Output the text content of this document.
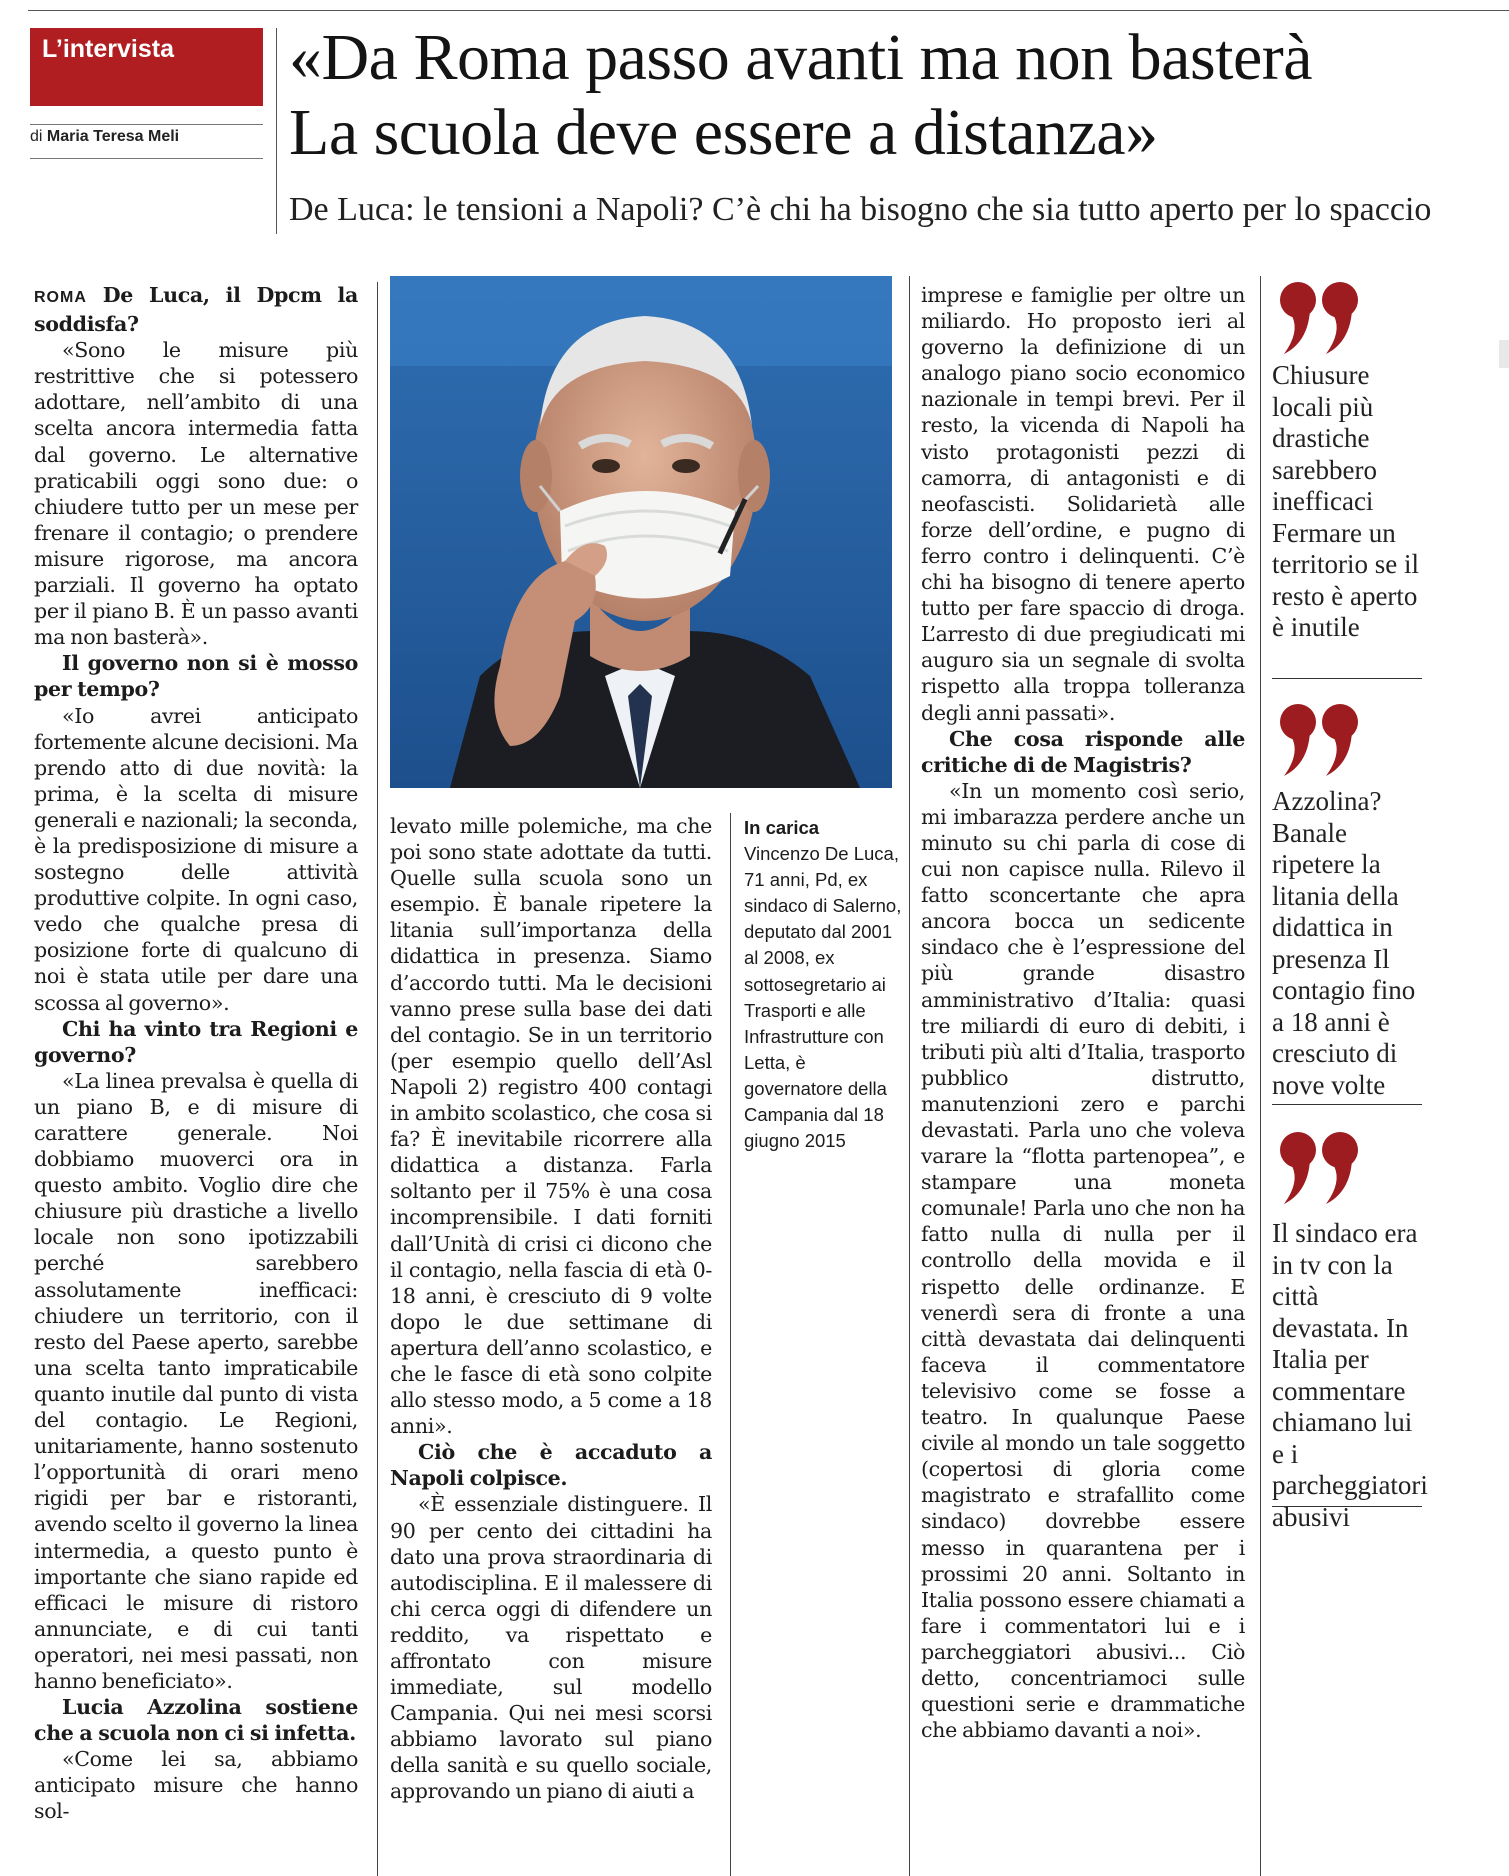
L’intervista
di Maria Teresa Meli
«Da Roma passo avanti ma non basterà
La scuola deve essere a distanza»
De Luca: le tensioni a Napoli? C’è chi ha bisogno che sia tutto aperto per lo spaccio

ROMA De Luca, il Dpcm la soddisfa?

«Sono le misure più restrittive che si potessero adottare, nell’ambito di una scelta ancora intermedia fatta dal governo. Le alternative praticabili oggi sono due: o chiudere tutto per un mese per frenare il contagio; o prendere misure rigorose, ma ancora parziali. Il governo ha optato per il piano B. È un passo avanti ma non basterà».

Il governo non si è mosso per tempo?

«Io avrei anticipato fortemente alcune decisioni. Ma prendo atto di due novità: la prima, è la scelta di misure generali e nazionali; la seconda, è la predisposizione di misure a sostegno delle attività produttive colpite. In ogni caso, vedo che qualche presa di posizione forte di qualcuno di noi è stata utile per dare una scossa al governo».

Chi ha vinto tra Regioni e governo?

«La linea prevalsa è quella di un piano B, e di misure di carattere generale. Noi dobbiamo muoverci ora in questo ambito. Voglio dire che chiusure più drastiche a livello locale non sono ipotizzabili perché sarebbero assolutamente inefficaci: chiudere un territorio, con il resto del Paese aperto, sarebbe una scelta tanto impraticabile quanto inutile dal punto di vista del contagio. Le Regioni, unitariamente, hanno sostenuto l’opportunità di orari meno rigidi per bar e ristoranti, avendo scelto il governo la linea intermedia, a questo punto è importante che siano rapide ed efficaci le misure di ristoro annunciate, e di cui tanti operatori, nei mesi passati, non hanno beneficiato».

Lucia Azzolina sostiene che a scuola non ci si infetta.

«Come lei sa, abbiamo anticipato misure che hanno sol-

levato mille polemiche, ma che poi sono state adottate da tutti. Quelle sulla scuola sono un esempio. È banale ripetere la litania sull’importanza della didattica in presenza. Siamo d’accordo tutti. Ma le decisioni vanno prese sulla base dei dati del contagio. Se in un territorio (per esempio quello dell’Asl Napoli 2) registro 400 contagi in ambito scolastico, che cosa si fa? È inevitabile ricorrere alla didattica a distanza. Farla soltanto per il 75% è una cosa incomprensibile. I dati forniti dall’Unità di crisi ci dicono che il contagio, nella fascia di età 0-18 anni, è cresciuto di 9 volte dopo le due settimane di apertura dell’anno scolastico, e che le fasce di età sono colpite allo stesso modo, a 5 come a 18 anni».

Ciò che è accaduto a Napoli colpisce.

«È essenziale distinguere. Il 90 per cento dei cittadini ha dato una prova straordinaria di autodisciplina. E il malessere di chi cerca oggi di difendere un reddito, va rispettato e affrontato con misure immediate, sul modello Campania. Qui nei mesi scorsi abbiamo lavorato sul piano della sanità e su quello sociale, approvando un piano di aiuti a

In carica
Vincenzo De Luca, 71 anni, Pd, ex sindaco di Salerno, deputato dal 2001 al 2008, ex sottosegretario ai Trasporti e alle Infrastrutture con Letta, è governatore della Campania dal 18 giugno 2015

imprese e famiglie per oltre un miliardo. Ho proposto ieri al governo la definizione di un analogo piano socio economico nazionale in tempi brevi. Per il resto, la vicenda di Napoli ha visto protagonisti pezzi di camorra, di antagonisti e di neofascisti. Solidarietà alle forze dell’ordine, e pugno di ferro contro i delinquenti. C’è chi ha bisogno di tenere aperto tutto per fare spaccio di droga. L’arresto di due pregiudicati mi auguro sia un segnale di svolta rispetto alla troppa tolleranza degli anni passati».

Che cosa risponde alle critiche di de Magistris?

«In un momento così serio, mi imbarazza perdere anche un minuto su chi parla di cose di cui non capisce nulla. Rilevo il fatto sconcertante che apra ancora bocca un sedicente sindaco che è l’espressione del più grande disastro amministrativo d’Italia: quasi tre miliardi di euro di debiti, i tributi più alti d’Italia, trasporto pubblico distrutto, manutenzioni zero e parchi devastati. Parla uno che voleva varare la “flotta partenopea”, e stampare una moneta comunale! Parla uno che non ha fatto nulla di nulla per il controllo della movida e il rispetto delle ordinanze. E venerdì sera di fronte a una città devastata dai delinquenti faceva il commentatore televisivo come se fosse a teatro. In qualunque Paese civile al mondo un tale soggetto (copertosi di gloria come magistrato e strafallito come sindaco) dovrebbe essere messo in quarantena per i prossimi 20 anni. Soltanto in Italia possono essere chiamati a fare i commentatori lui e i parcheggiatori abusivi... Ciò detto, concentriamoci sulle questioni serie e drammatiche che abbiamo davanti a noi».

Chiusure locali più drastiche sarebbero inefficaci Fermare un territorio se il resto è aperto è inutile
Azzolina? Banale ripetere la litania della didattica in presenza Il contagio fino a 18 anni è cresciuto di nove volte
Il sindaco era in tv con la città devastata. In Italia per commentare chiamano lui e i parcheggiatori abusivi
